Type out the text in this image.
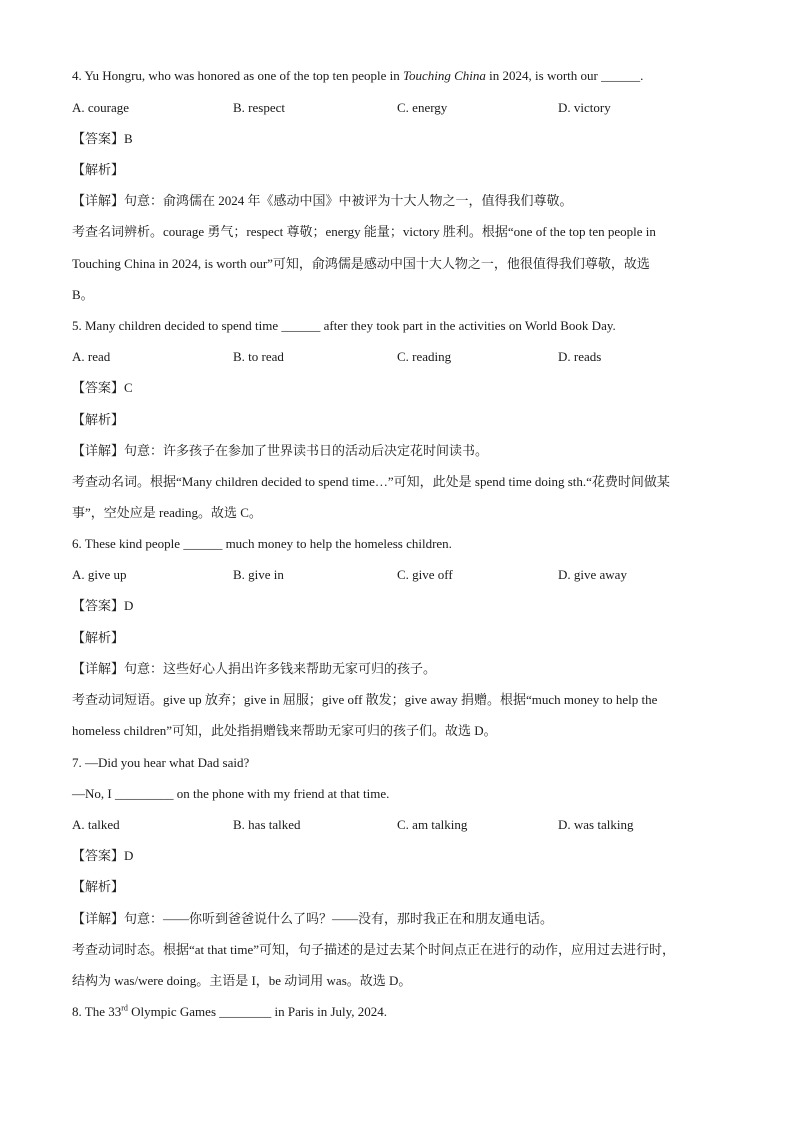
4. Yu Hongru, who was honored as one of the top ten people in Touching China in 2024, is worth our ______.
A. courage	B. respect	C. energy	D. victory
【答案】B
【解析】
【详解】句意：俞鸿儒在 2024 年《感动中国》中被评为十大人物之一，值得我们尊敬。
考查名词辨析。courage 勇气；respect 尊敬；energy 能量；victory 胜利。根据“one of the top ten people in
Touching China in 2024, is worth our”可知，俞鸿儒是感动中国十大人物之一，他很值得我们尊敬，故选
B。
5. Many children decided to spend time ______ after they took part in the activities on World Book Day.
A. read	B. to read	C. reading	D. reads
【答案】C
【解析】
【详解】句意：许多孩子在参加了世界读书日的活动后决定花时间读书。
考查动名词。根据“Many children decided to spend time…”可知，此处是 spend time doing sth.“花费时间做某
事”，空处应是 reading。故选 C。
6. These kind people ______ much money to help the homeless children.
A. give up	B. give in	C. give off	D. give away
【答案】D
【解析】
【详解】句意：这些好心人捐出许多钱来帮助无家可归的孩子。
考查动词短语。give up 放弃；give in 屈服；give off 散发；give away 捐赠。根据“much money to help the
homeless children”可知，此处指捐赠钱来帮助无家可归的孩子们。故选 D。
7. —Did you hear what Dad said?
—No, I _________ on the phone with my friend at that time.
A. talked	B. has talked	C. am talking	D. was talking
【答案】D
【解析】
【详解】句意：——你听到爸爸说什么了吗？——没有，那时我正在和朋友通电话。
考查动词时态。根据“at that time”可知，句子描述的是过去某个时间点正在进行的动作，应用过去进行时，
结构为 was/were doing。主语是 I，be 动词用 was。故选 D。
8. The 33rd Olympic Games ________ in Paris in July, 2024.
